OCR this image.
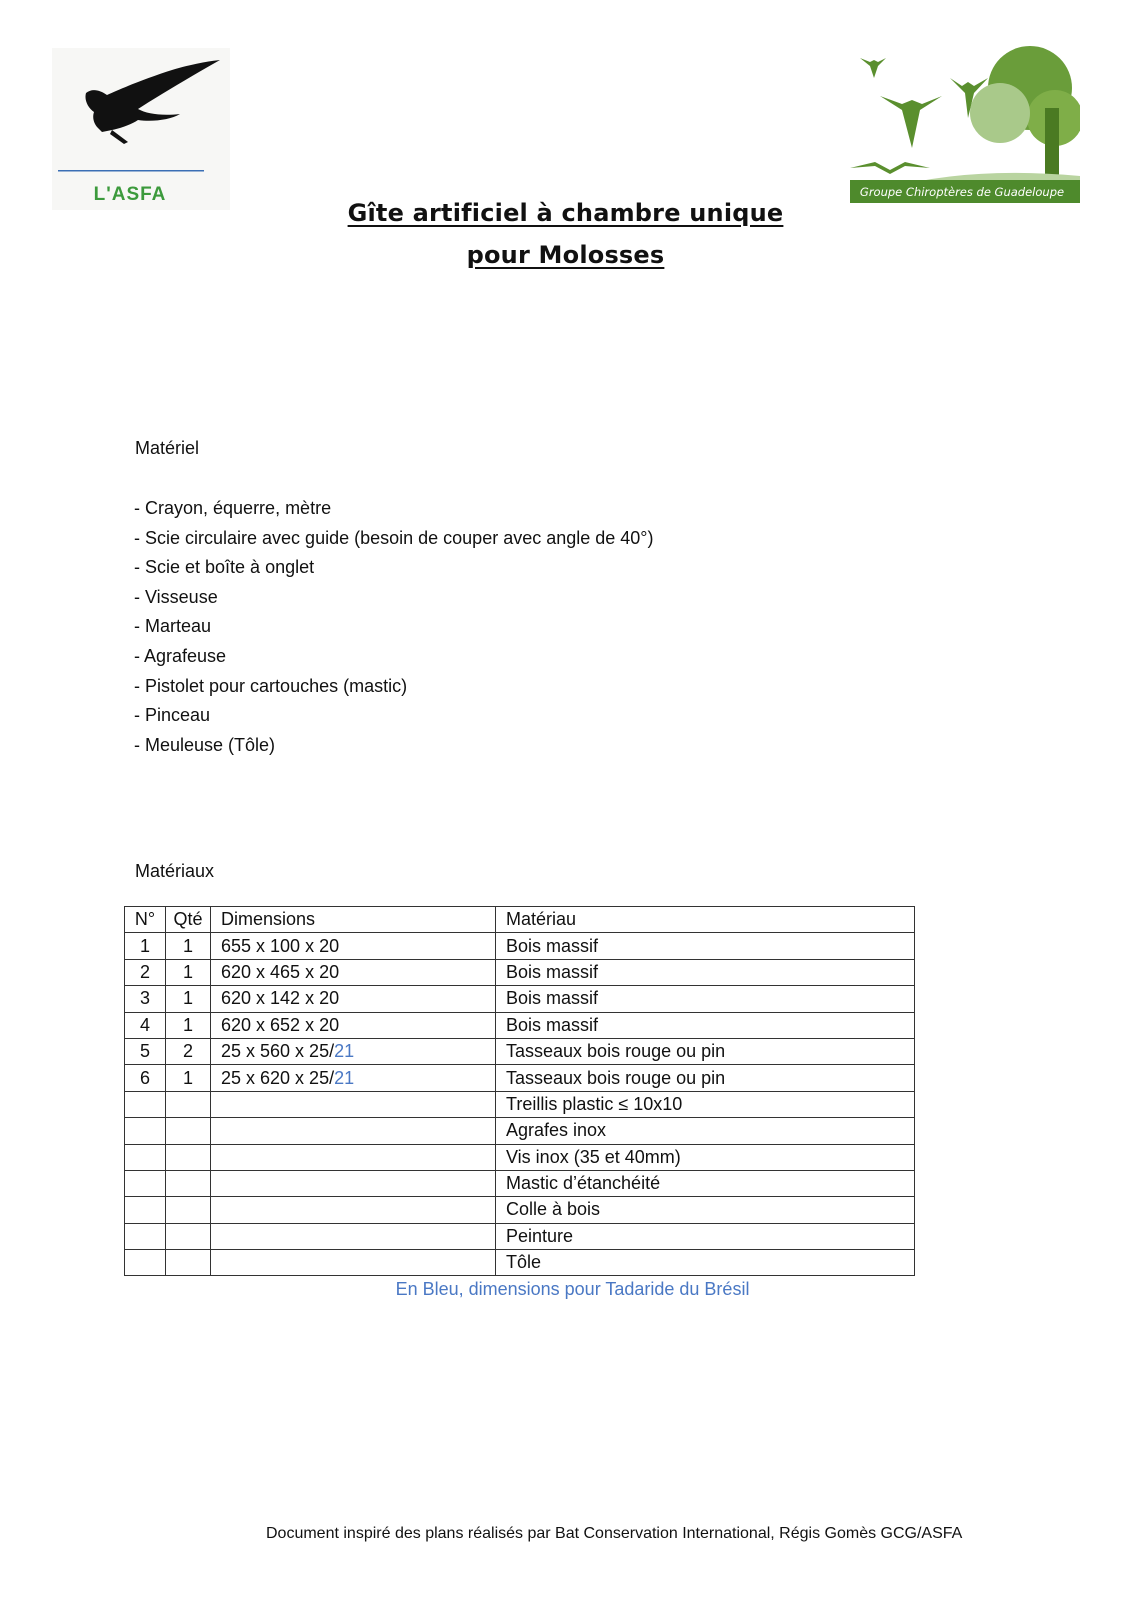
L'ASFA	Groupe Chiroptères de Guadeloupe
Gîte artificiel à chambre unique
pour Molosses
Matériel
- Crayon, équerre, mètre
- Scie circulaire avec guide (besoin de couper avec angle de 40°)
- Scie et boîte à onglet
- Visseuse
- Marteau
- Agrafeuse
- Pistolet pour cartouches (mastic)
- Pinceau
- Meuleuse (Tôle)
Matériaux
N°	Qté	Dimensions	Matériau
1	1	655 x 100 x 20	Bois massif
2	1	620 x 465 x 20	Bois massif
3	1	620 x 142 x 20	Bois massif
4	1	620 x 652 x 20	Bois massif
5	2	25 x 560 x 25/21	Tasseaux bois rouge ou pin
6	1	25 x 620 x 25/21	Tasseaux bois rouge ou pin
			Treillis plastic ≤ 10x10
			Agrafes inox
			Vis inox (35 et 40mm)
			Mastic d’étanchéité
			Colle à bois
			Peinture
			Tôle
En Bleu, dimensions pour Tadaride du Brésil
Document inspiré des plans réalisés par Bat Conservation International, Régis Gomès GCG/ASFA
